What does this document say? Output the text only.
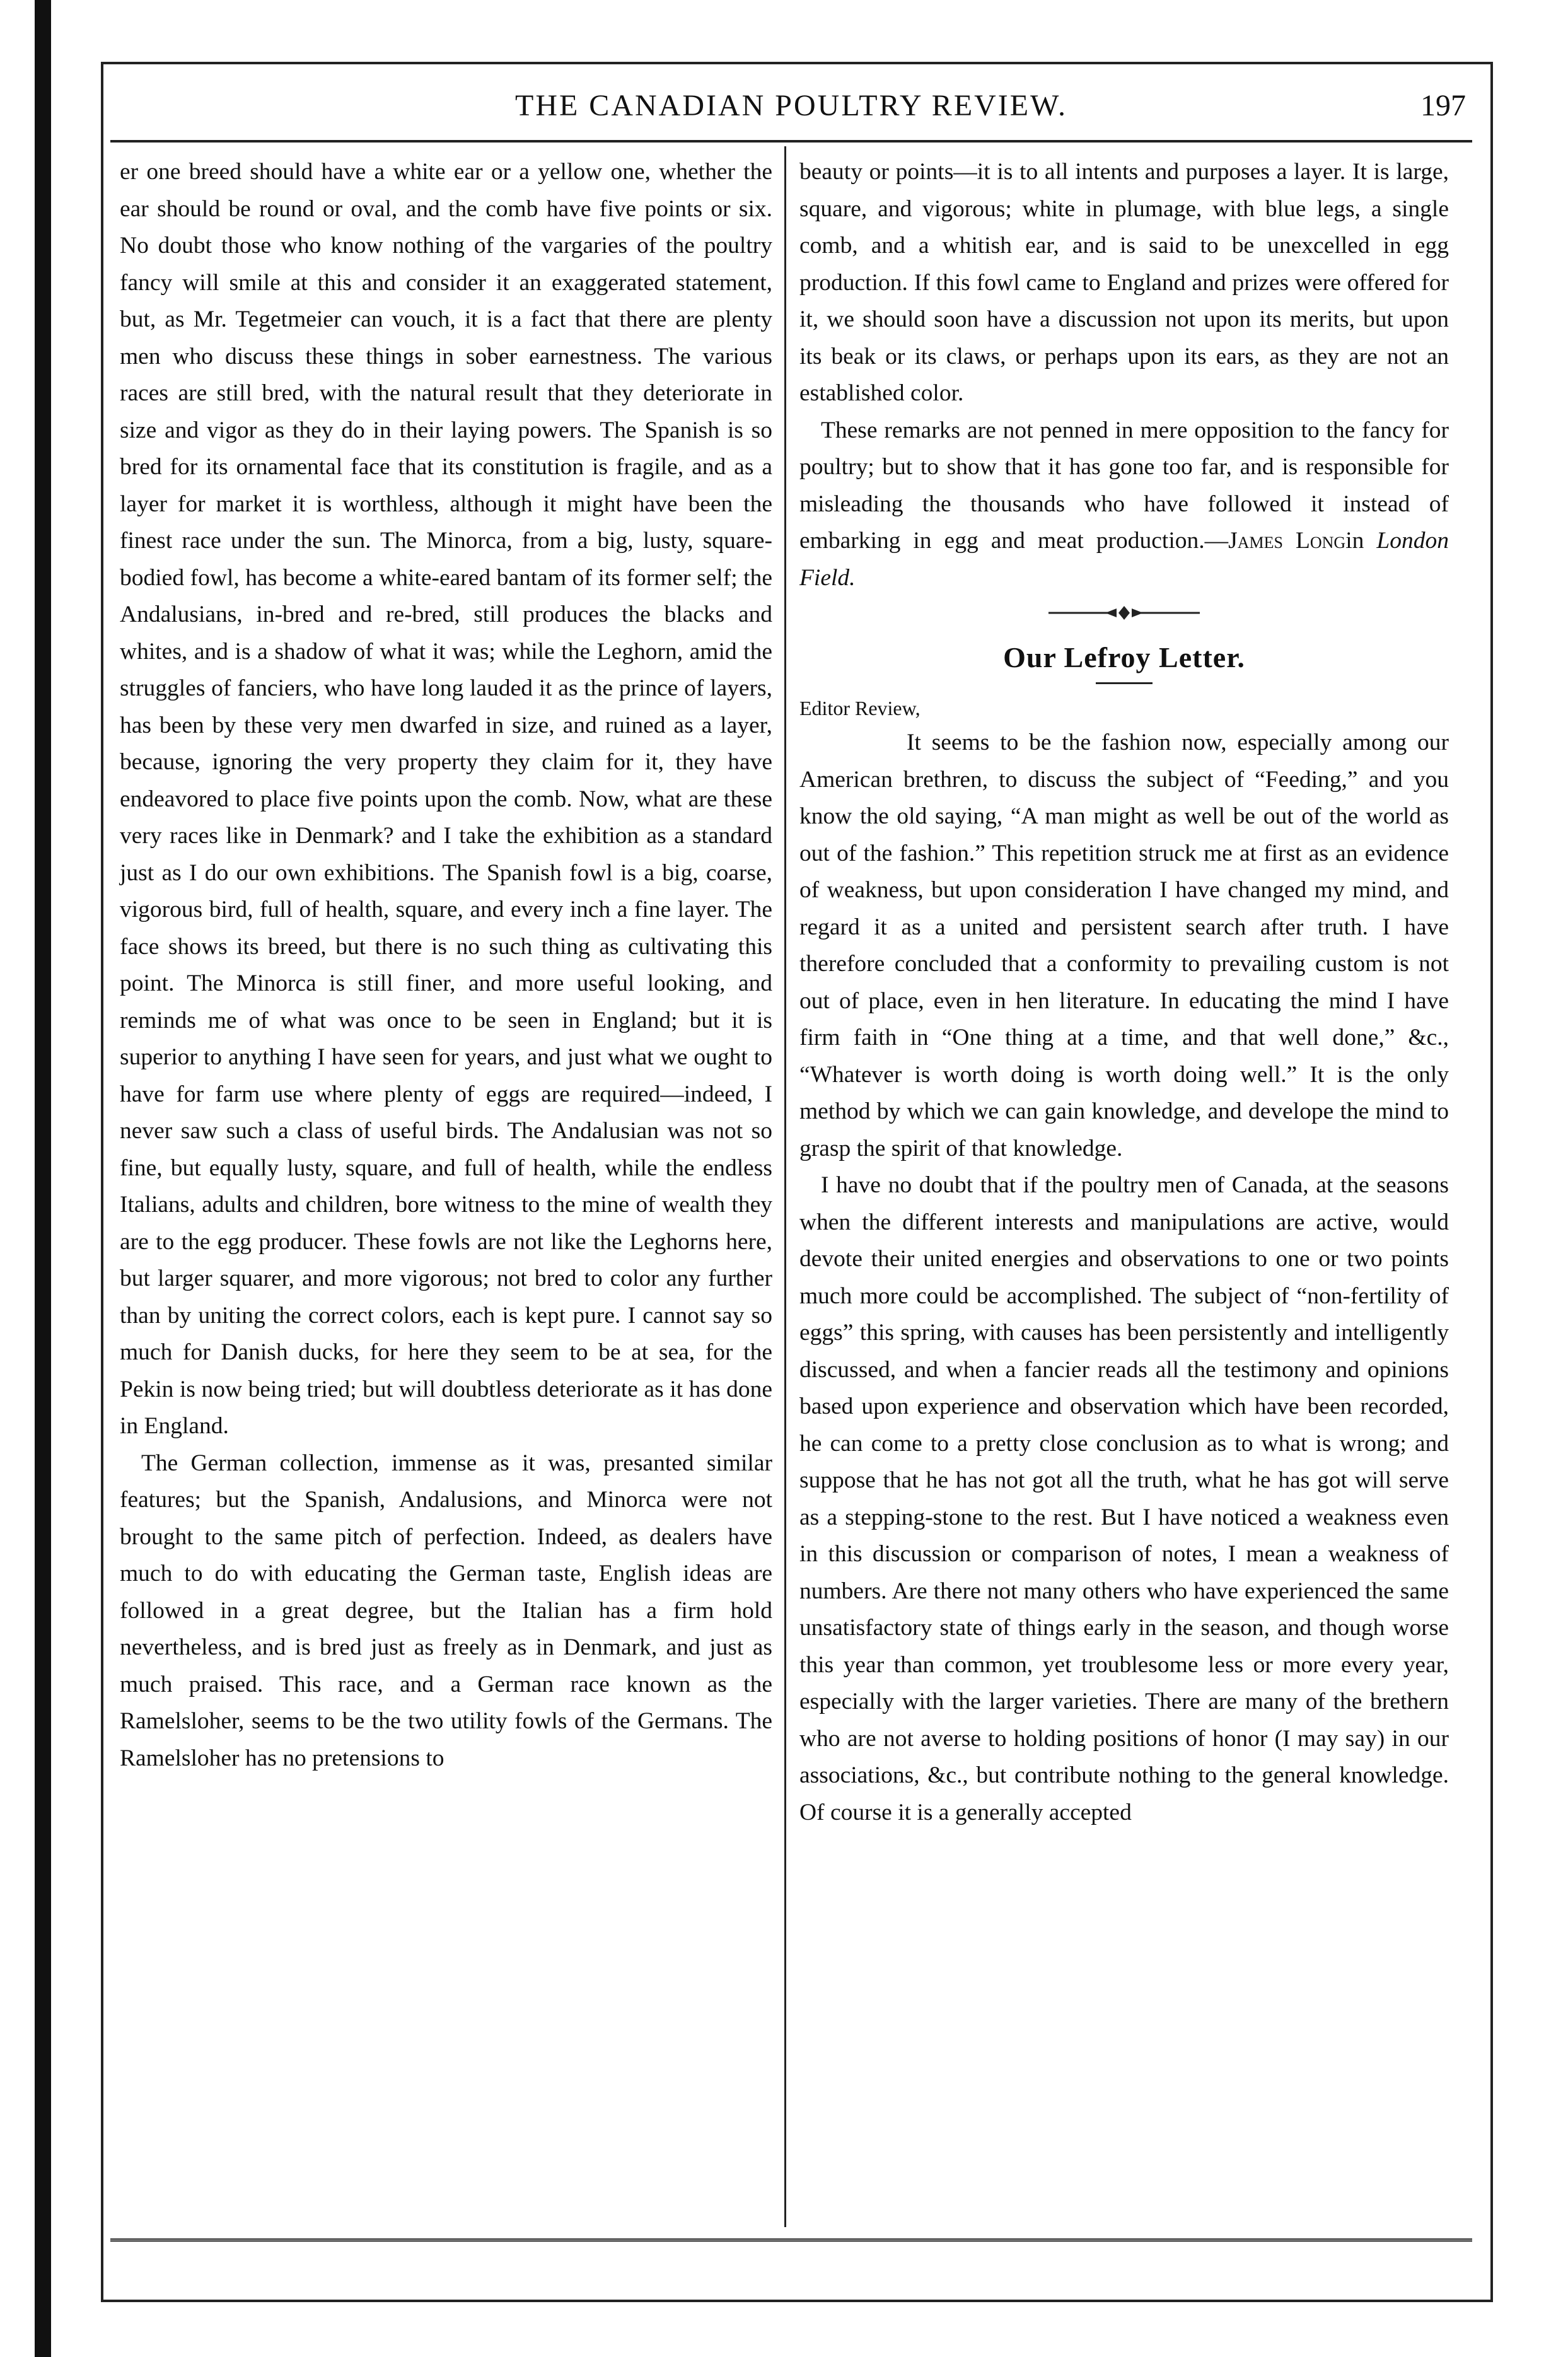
THE CANADIAN POULTRY REVIEW.	197

er one breed should have a white ear or a yellow one, whether the ear should be round or oval, and the comb have five points or six. No doubt those who know nothing of the vargaries of the poultry fancy will smile at this and consider it an exaggerated statement, but, as Mr. Tegetmeier can vouch, it is a fact that there are plenty men who discuss these things in sober earnestness. The various races are still bred, with the natural result that they deteriorate in size and vigor as they do in their laying powers. The Spanish is so bred for its ornamental face that its constitution is fragile, and as a layer for market it is worthless, although it might have been the finest race under the sun. The Minorca, from a big, lusty, square-bodied fowl, has become a white-eared bantam of its former self; the Andalusians, in-bred and re-bred, still produces the blacks and whites, and is a shadow of what it was; while the Leghorn, amid the struggles of fanciers, who have long lauded it as the prince of layers, has been by these very men dwarfed in size, and ruined as a layer, because, ignoring the very property they claim for it, they have endeavored to place five points upon the comb. Now, what are these very races like in Denmark? and I take the exhibition as a standard just as I do our own exhibitions. The Spanish fowl is a big, coarse, vigorous bird, full of health, square, and every inch a fine layer. The face shows its breed, but there is no such thing as cultivating this point. The Minorca is still finer, and more useful looking, and reminds me of what was once to be seen in England; but it is superior to anything I have seen for years, and just what we ought to have for farm use where plenty of eggs are required—indeed, I never saw such a class of useful birds. The Andalusian was not so fine, but equally lusty, square, and full of health, while the endless Italians, adults and children, bore witness to the mine of wealth they are to the egg producer. These fowls are not like the Leghorns here, but larger squarer, and more vigorous; not bred to color any further than by uniting the correct colors, each is kept pure. I cannot say so much for Danish ducks, for here they seem to be at sea, for the Pekin is now being tried; but will doubtless deteriorate as it has done in England.

The German collection, immense as it was, presanted similar features; but the Spanish, Andalusions, and Minorca were not brought to the same pitch of perfection. Indeed, as dealers have much to do with educating the German taste, English ideas are followed in a great degree, but the Italian has a firm hold nevertheless, and is bred just as freely as in Denmark, and just as much praised. This race, and a German race known as the Ramelsloher, seems to be the two utility fowls of the Germans. The Ramelsloher has no pretensions to

beauty or points—it is to all intents and purposes a layer. It is large, square, and vigorous; white in plumage, with blue legs, a single comb, and a whitish ear, and is said to be unexcelled in egg production. If this fowl came to England and prizes were offered for it, we should soon have a discussion not upon its merits, but upon its beak or its claws, or perhaps upon its ears, as they are not an established color.

These remarks are not penned in mere opposition to the fancy for poultry; but to show that it has gone too far, and is responsible for misleading the thousands who have followed it instead of embarking in egg and meat production.—James Longin London Field.

Our Lefroy Letter.

Editor Review,

It seems to be the fashion now, especially among our American brethren, to discuss the subject of “Feeding,” and you know the old saying, “A man might as well be out of the world as out of the fashion.” This repetition struck me at first as an evidence of weakness, but upon consideration I have changed my mind, and regard it as a united and persistent search after truth. I have therefore concluded that a conformity to prevailing custom is not out of place, even in hen literature. In educating the mind I have firm faith in “One thing at a time, and that well done,” &c., “Whatever is worth doing is worth doing well.” It is the only method by which we can gain knowledge, and develope the mind to grasp the spirit of that knowledge.

I have no doubt that if the poultry men of Canada, at the seasons when the different interests and manipulations are active, would devote their united energies and observations to one or two points much more could be accomplished. The subject of “non-fertility of eggs” this spring, with causes has been persistently and intelligently discussed, and when a fancier reads all the testimony and opinions based upon experience and observation which have been recorded, he can come to a pretty close conclusion as to what is wrong; and suppose that he has not got all the truth, what he has got will serve as a stepping-stone to the rest. But I have noticed a weakness even in this discussion or comparison of notes, I mean a weakness of numbers. Are there not many others who have experienced the same unsatisfactory state of things early in the season, and though worse this year than common, yet troublesome less or more every year, especially with the larger varieties. There are many of the brethern who are not averse to holding positions of honor (I may say) in our associations, &c., but contribute nothing to the general knowledge. Of course it is a generally accepted
